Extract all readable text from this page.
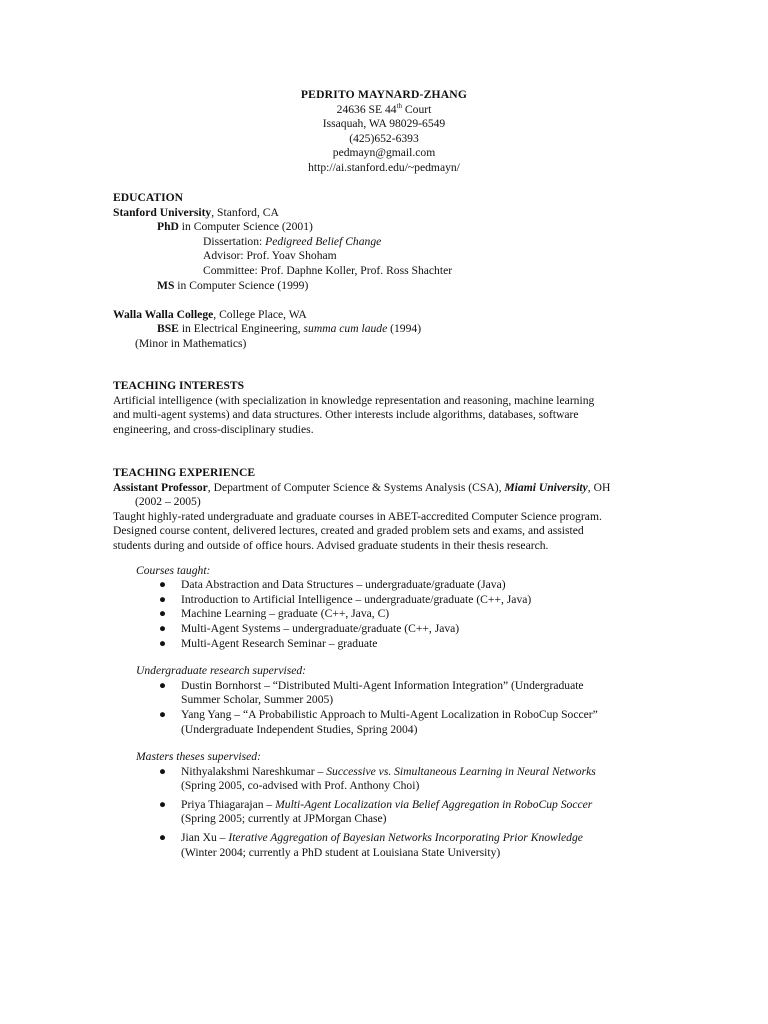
PEDRITO MAYNARD-ZHANG
24636 SE 44th Court
Issaquah, WA 98029-6549
(425)652-6393
pedmayn@gmail.com
http://ai.stanford.edu/~pedmayn/
EDUCATION
Stanford University, Stanford, CA
PhD in Computer Science (2001)
Dissertation: Pedigreed Belief Change
Advisor: Prof. Yoav Shoham
Committee: Prof. Daphne Koller, Prof. Ross Shachter
MS in Computer Science (1999)
Walla Walla College, College Place, WA
BSE in Electrical Engineering, summa cum laude (1994)
(Minor in Mathematics)
TEACHING INTERESTS
Artificial intelligence (with specialization in knowledge representation and reasoning, machine learning
and multi-agent systems) and data structures. Other interests include algorithms, databases, software
engineering, and cross-disciplinary studies.
TEACHING EXPERIENCE
Assistant Professor, Department of Computer Science & Systems Analysis (CSA), Miami University, OH
(2002 – 2005)
Taught highly-rated undergraduate and graduate courses in ABET-accredited Computer Science program.
Designed course content, delivered lectures, created and graded problem sets and exams, and assisted
students during and outside of office hours. Advised graduate students in their thesis research.
Courses taught:
● Data Abstraction and Data Structures – undergraduate/graduate (Java)
● Introduction to Artificial Intelligence – undergraduate/graduate (C++, Java)
● Machine Learning – graduate (C++, Java, C)
● Multi-Agent Systems – undergraduate/graduate (C++, Java)
● Multi-Agent Research Seminar – graduate
Undergraduate research supervised:
● Dustin Bornhorst – “Distributed Multi-Agent Information Integration” (Undergraduate
Summer Scholar, Summer 2005)
● Yang Yang – “A Probabilistic Approach to Multi-Agent Localization in RoboCup Soccer”
(Undergraduate Independent Studies, Spring 2004)
Masters theses supervised:
● Nithyalakshmi Nareshkumar – Successive vs. Simultaneous Learning in Neural Networks
(Spring 2005, co-advised with Prof. Anthony Choi)
● Priya Thiagarajan – Multi-Agent Localization via Belief Aggregation in RoboCup Soccer
(Spring 2005; currently at JPMorgan Chase)
● Jian Xu – Iterative Aggregation of Bayesian Networks Incorporating Prior Knowledge
(Winter 2004; currently a PhD student at Louisiana State University)
